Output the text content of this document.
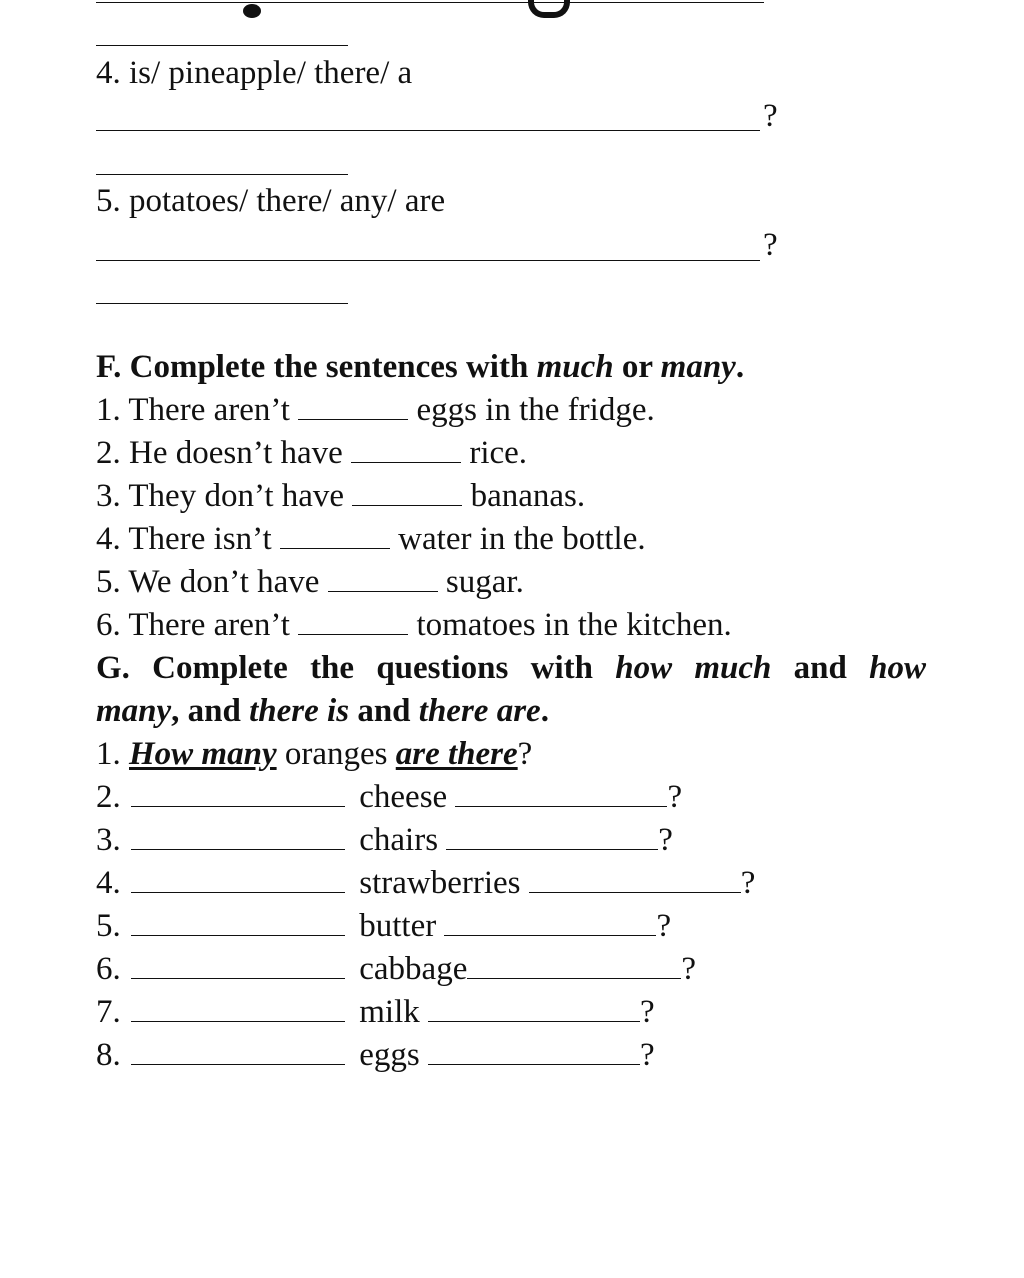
4. is/ pineapple/ there/ a
?
5. potatoes/ there/ any/ are
?
F. Complete the sentences with much or many.
1. There aren’t	eggs in the fridge.
2. He doesn’t have	rice.
3. They don’t have	bananas.
4. There isn’t	water in the bottle.
5. We don’t have	sugar.
6. There aren’t	tomatoes in the kitchen.
G. Complete the questions with how much and how
many, and there is and there are.
1. How many oranges are there?
2.	cheese	?
3.	chairs	?
4.	strawberries	?
5.	butter	?
6.	cabbage	?
7.	milk	?
8.	eggs	?
